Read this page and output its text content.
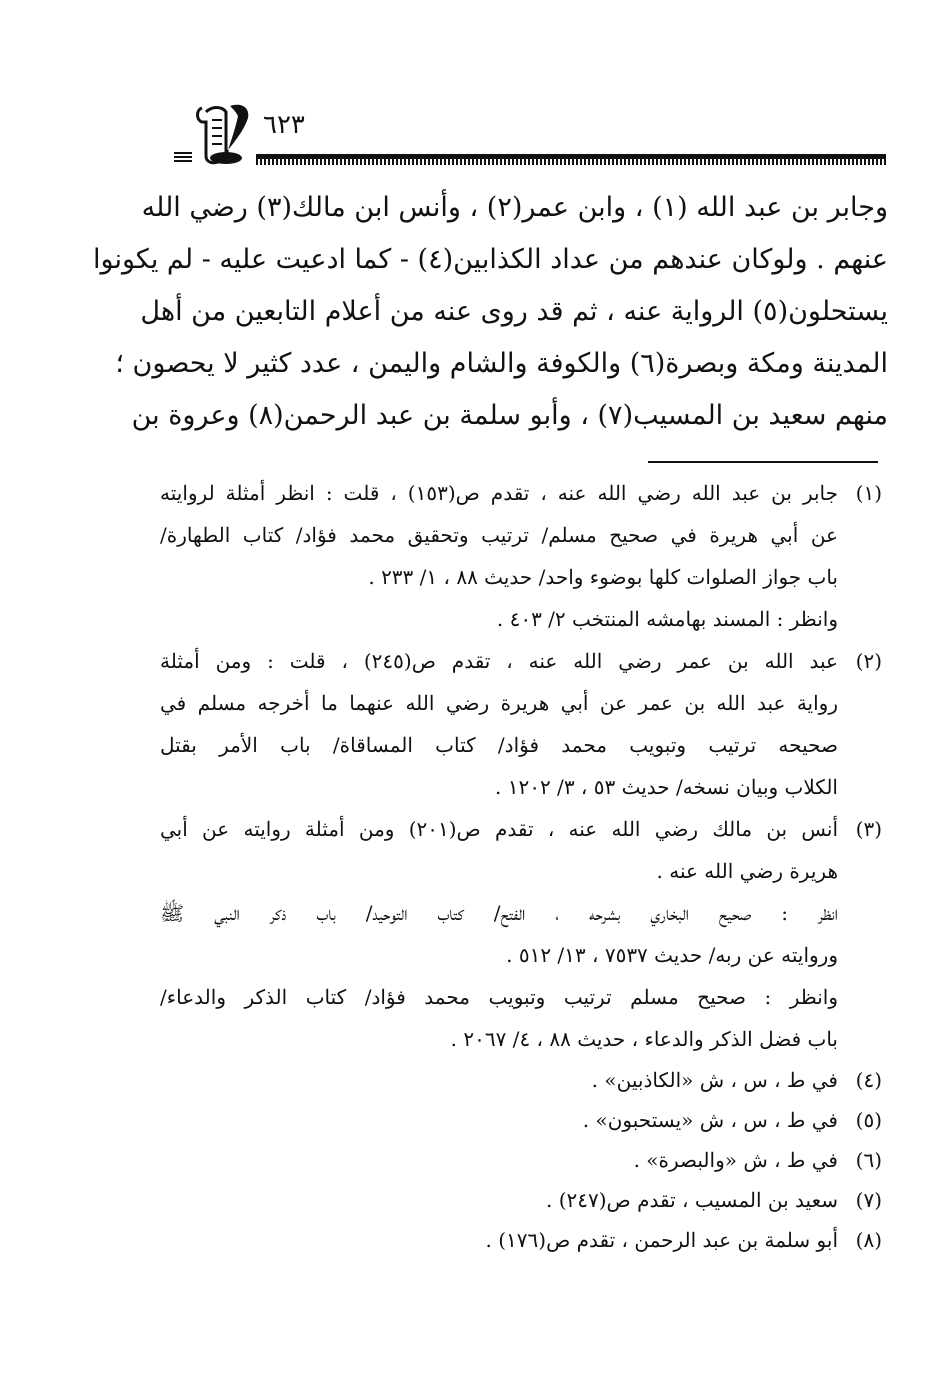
٦٢٣
وجابر بن عبد الله (١) ، وابن عمر(٢) ، وأنس ابن مالك(٣) رضي الله
عنهم . ولوكان عندهم من عداد الكذابين(٤) - كما ادعيت عليه - لم يكونوا
يستحلون(٥) الرواية عنه ، ثم قد روى عنه من أعلام التابعين من أهل
المدينة ومكة وبصرة(٦) والكوفة والشام واليمن ، عدد كثير لا يحصون ؛
منهم سعيد بن المسيب(٧) ، وأبو سلمة بن عبد الرحمن(٨) وعروة بن
(١)
جابر بن عبد الله رضي الله عنه ، تقدم ص(١٥٣) ، قلت : انظر أمثلة لروايته
عن أبي هريرة في صحيح مسلم/ ترتيب وتحقيق محمد فؤاد/ كتاب الطهارة/
باب جواز الصلوات كلها بوضوء واحد/ حديث ٨٨ ، ١/ ٢٣٣ .
وانظر : المسند بهامشه المنتخب ٢/ ٤٠٣ .
(٢)
عبد الله بن عمر رضي الله عنه ، تقدم ص(٢٤٥) ، قلت : ومن أمثلة
رواية عبد الله بن عمر عن أبي هريرة رضي الله عنهما ما أخرجه مسلم في
صحيحه ترتيب وتبويب محمد فؤاد/ كتاب المساقاة/ باب الأمر بقتل
الكلاب وبيان نسخه/ حديث ٥٣ ، ٣/ ١٢٠٢ .
(٣)
أنس بن مالك رضي الله عنه ، تقدم ص(٢٠١) ومن أمثلة روايته عن أبي
هريرة رضي الله عنه .
انظر : صحيح البخاري بشرحه ، الفتح/ كتاب التوحيد/ باب ذكر النبي ﷺ
وروايته عن ربه/ حديث ٧٥٣٧ ، ١٣/ ٥١٢ .
وانظر : صحيح مسلم ترتيب وتبويب محمد فؤاد/ كتاب الذكر والدعاء/
باب فضل الذكر والدعاء ، حديث ٨٨ ، ٤/ ٢٠٦٧ .
(٤)
في ط ، س ، ش «الكاذبين» .
(٥)
في ط ، س ، ش «يستحبون» .
(٦)
في ط ، ش «والبصرة» .
(٧)
سعيد بن المسيب ، تقدم ص(٢٤٧) .
(٨)
أبو سلمة بن عبد الرحمن ، تقدم ص(١٧٦) .
